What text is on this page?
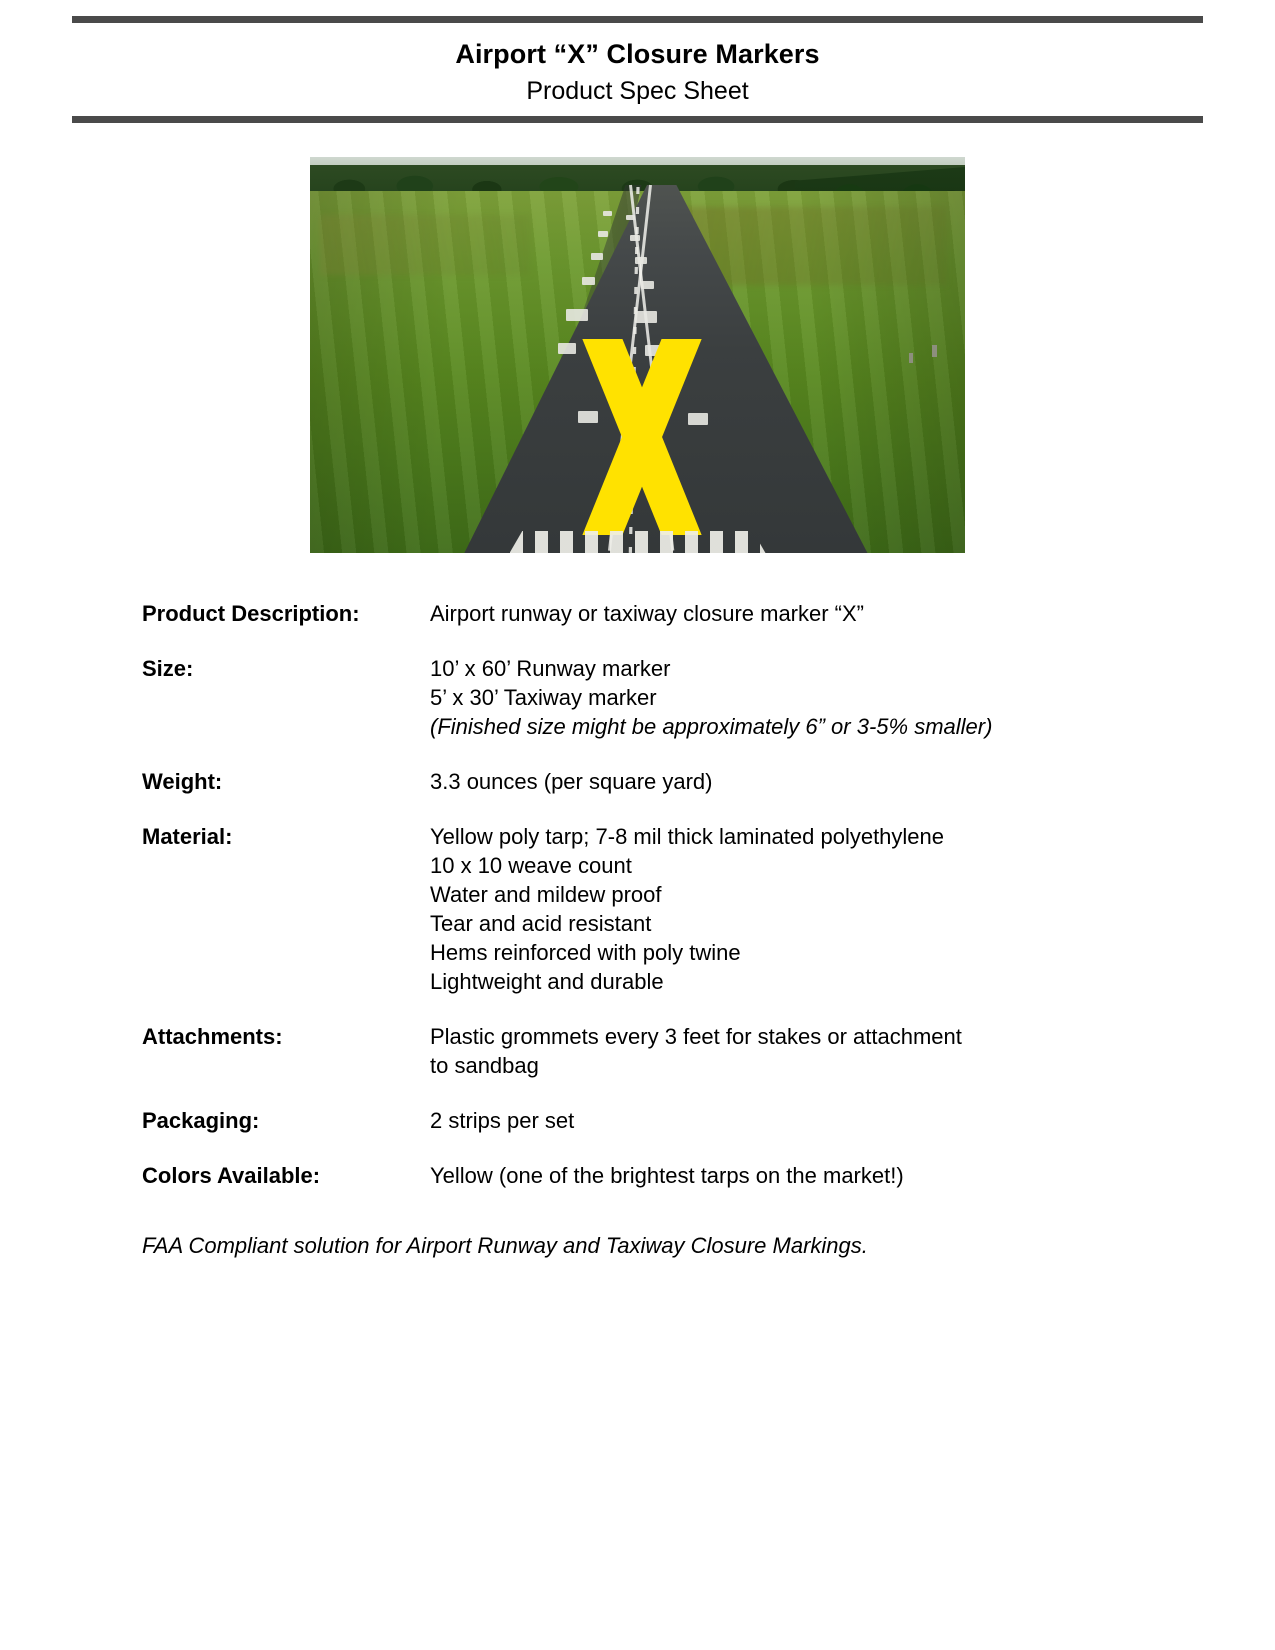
Airport “X” Closure Markers
Product Spec Sheet
Product Description:	Airport runway or taxiway closure marker “X”
Size:	10’ x 60’ Runway marker
5’ x 30’ Taxiway marker
(Finished size might be approximately 6” or 3-5% smaller)
Weight:	3.3 ounces (per square yard)
Material:	Yellow poly tarp; 7-8 mil thick laminated polyethylene
10 x 10 weave count
Water and mildew proof
Tear and acid resistant
Hems reinforced with poly twine
Lightweight and durable
Attachments:	Plastic grommets every 3 feet for stakes or attachment
to sandbag
Packaging:	2 strips per set
Colors Available:	Yellow (one of the brightest tarps on the market!)
FAA Compliant solution for Airport Runway and Taxiway Closure Markings.
